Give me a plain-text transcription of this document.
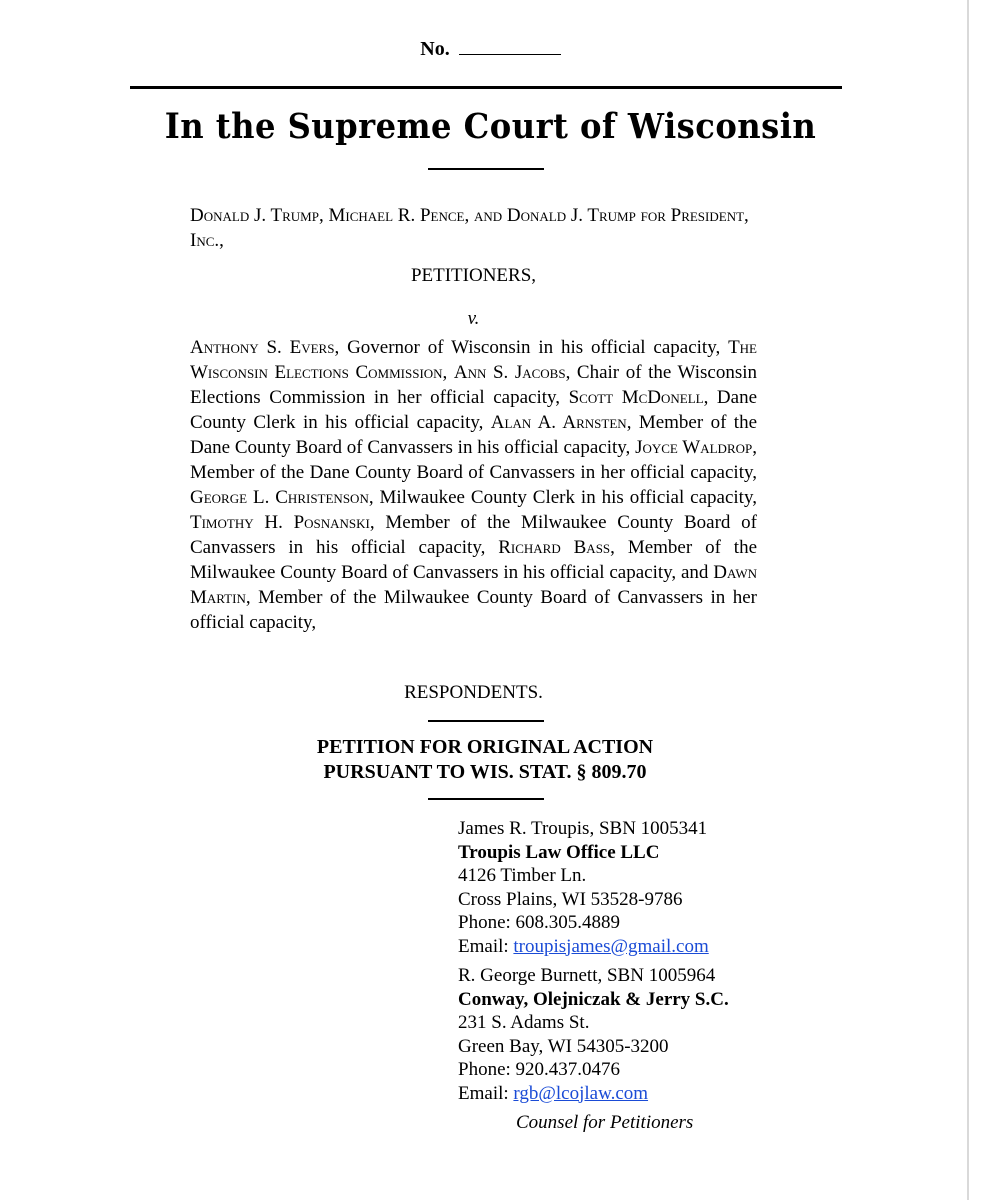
No.
In the Supreme Court of Wisconsin
Donald J. Trump, Michael R. Pence, and Donald J. Trump for President, Inc.,
PETITIONERS,
v.
Anthony S. Evers, Governor of Wisconsin in his official capacity, The Wisconsin Elections Commission, Ann S. Jacobs, Chair of the Wisconsin Elections Commission in her official capacity, Scott McDonell, Dane County Clerk in his official capacity, Alan A. Arnsten, Member of the Dane County Board of Canvassers in his official capacity, Joyce Waldrop, Member of the Dane County Board of Canvassers in her official capacity, George L. Christenson, Milwaukee County Clerk in his official capacity, Timothy H. Posnanski, Member of the Milwaukee County Board of Canvassers in his official capacity, Richard Bass, Member of the Milwaukee County Board of Canvassers in his official capacity, and Dawn Martin, Member of the Milwaukee County Board of Canvassers in her official capacity,
RESPONDENTS.
PETITION FOR ORIGINAL ACTION
PURSUANT TO WIS. STAT. § 809.70
James R. Troupis, SBN 1005341
Troupis Law Office LLC
4126 Timber Ln.
Cross Plains, WI 53528-9786
Phone: 608.305.4889
Email: troupisjames@gmail.com
R. George Burnett, SBN 1005964
Conway, Olejniczak & Jerry S.C.
231 S. Adams St.
Green Bay, WI 54305-3200
Phone: 920.437.0476
Email: rgb@lcojlaw.com
Counsel for Petitioners
